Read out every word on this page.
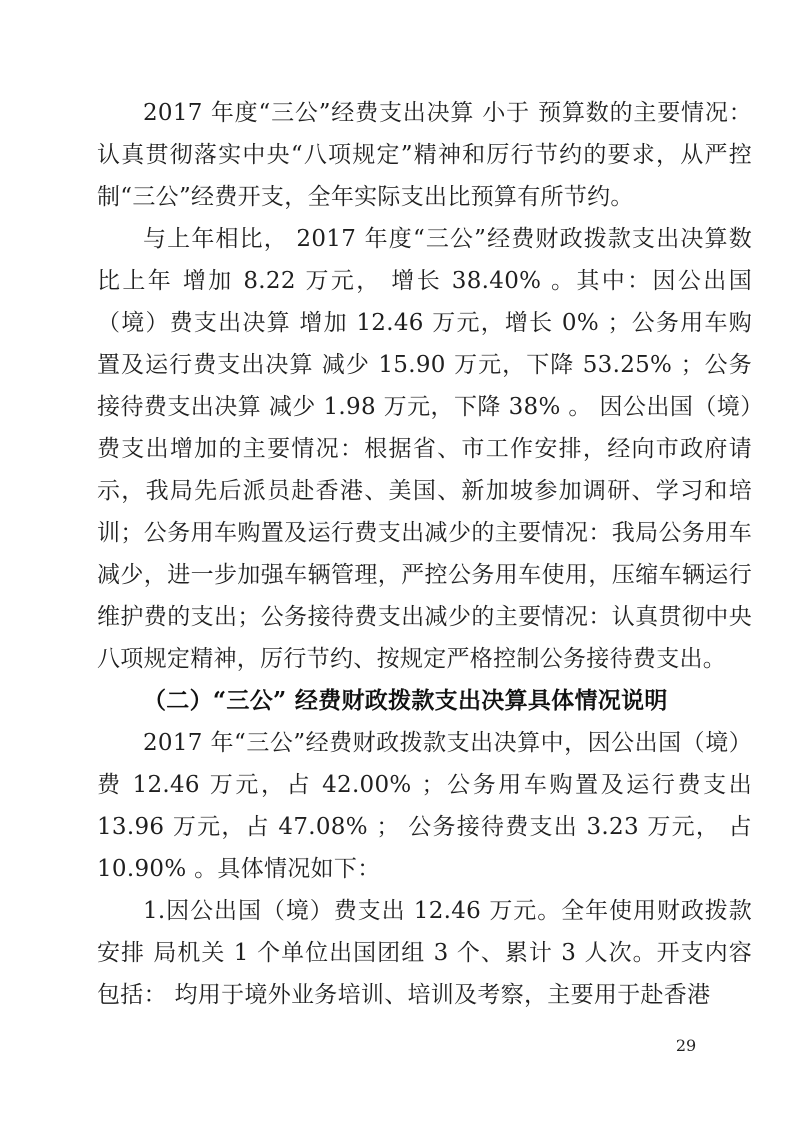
2017 年度“三公”经费支出决算 小于 预算数的主要情况：认真贯彻落实中央“八项规定”精神和厉行节约的要求，从严控制“三公”经费开支，全年实际支出比预算有所节约。

与上年相比， 2017 年度“三公”经费财政拨款支出决算数比上年 增加 8.22 万元， 增长 38.40% 。其中：因公出国（境）费支出决算 增加 12.46 万元，增长 0% ；公务用车购置及运行费支出决算 减少 15.90 万元，下降 53.25% ；公务接待费支出决算 减少 1.98 万元，下降 38% 。 因公出国（境）费支出增加的主要情况：根据省、市工作安排，经向市政府请示，我局先后派员赴香港、美国、新加坡参加调研、学习和培训；公务用车购置及运行费支出减少的主要情况：我局公务用车减少，进一步加强车辆管理，严控公务用车使用，压缩车辆运行维护费的支出；公务接待费支出减少的主要情况：认真贯彻中央八项规定精神，厉行节约、按规定严格控制公务接待费支出。

（二）“三公” 经费财政拨款支出决算具体情况说明

2017 年“三公”经费财政拨款支出决算中，因公出国（境）费 12.46 万元，占 42.00% ；公务用车购置及运行费支出 13.96 万元，占 47.08% ； 公务接待费支出 3.23 万元， 占 10.90% 。具体情况如下：

1.因公出国（境）费支出 12.46 万元。全年使用财政拨款安排 局机关 1 个单位出国团组 3 个、累计 3 人次。开支内容包括： 均用于境外业务培训、培训及考察，主要用于赴香港

29
